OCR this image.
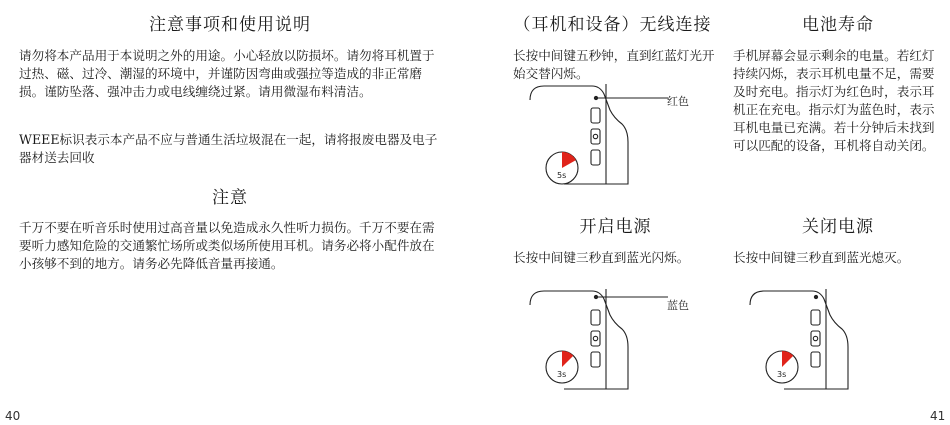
注意事项和使用说明
请勿将本产品用于本说明之外的用途。小心轻放以防损坏。请勿将耳机置于过热、磁、过冷、潮湿的环境中，并谨防因弯曲或强拉等造成的非正常磨损。谨防坠落、强冲击力或电线缠绕过紧。请用微湿布料清洁。
WEEE标识表示本产品不应与普通生活垃圾混在一起，请将报废电器及电子器材送去回收
注意
千万不要在听音乐时使用过高音量以免造成永久性听力损伤。千万不要在需要听力感知危险的交通繁忙场所或类似场所使用耳机。请务必将小配件放在小孩够不到的地方。请务必先降低音量再接通。
40
（耳机和设备）无线连接
长按中间键五秒钟，直到红蓝灯光开始交替闪烁。
电池寿命
手机屏幕会显示剩余的电量。若红灯持续闪烁，表示耳机电量不足，需要及时充电。指示灯为红色时，表示耳机正在充电。指示灯为蓝色时，表示耳机电量已充满。若十分钟后未找到可以匹配的设备，耳机将自动关闭。
开启电源
长按中间键三秒直到蓝光闪烁。
关闭电源
长按中间键三秒直到蓝光熄灭。
41
5s
红色
3s
蓝色
3s
